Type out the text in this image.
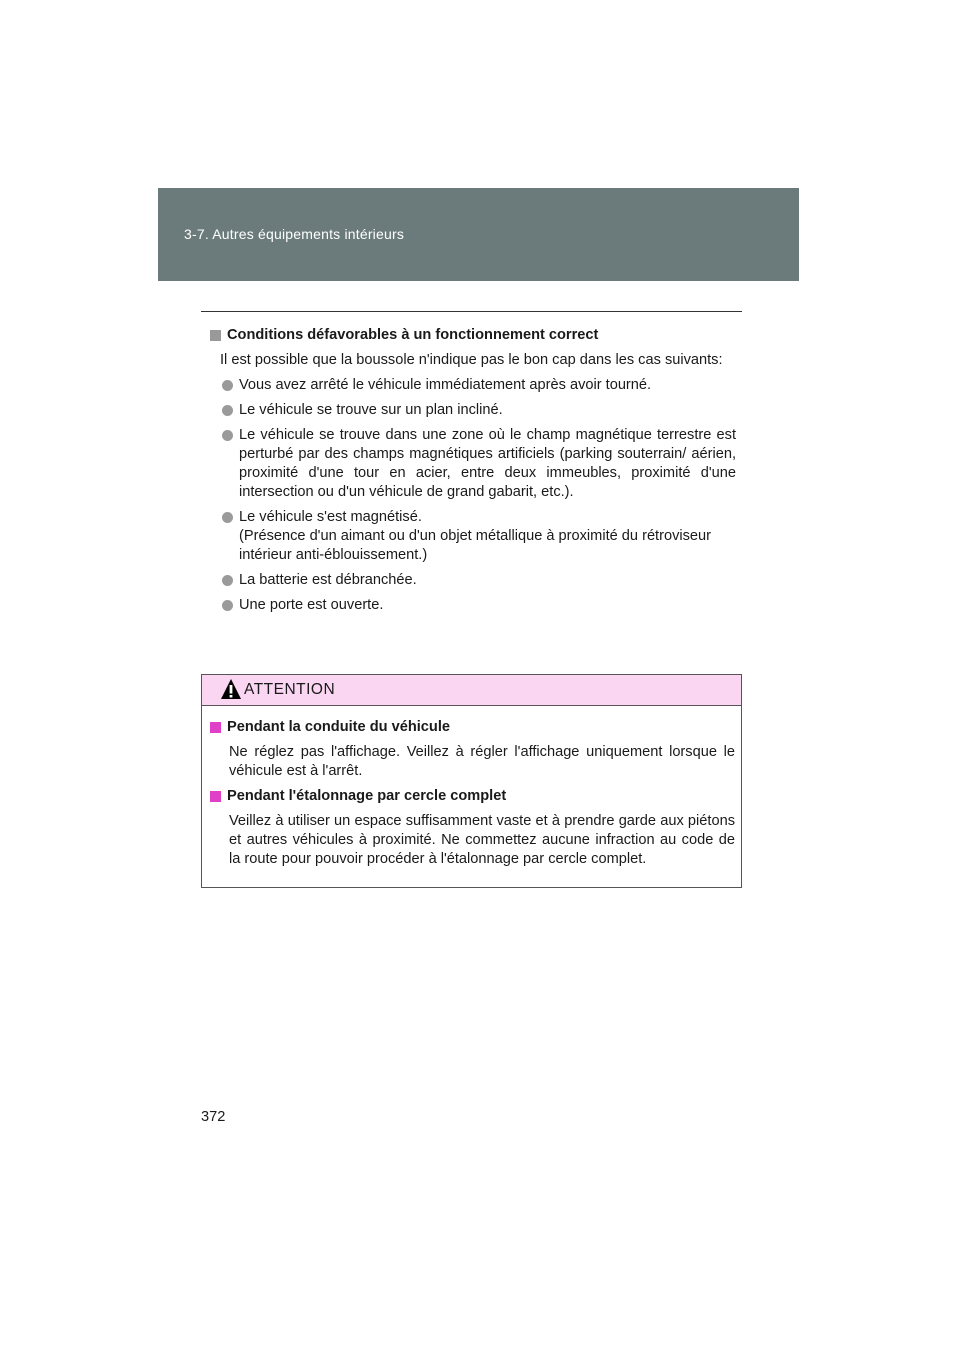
3-7. Autres équipements intérieurs
Conditions défavorables à un fonctionnement correct
Il est possible que la boussole n'indique pas le bon cap dans les cas suivants:
Vous avez arrêté le véhicule immédiatement après avoir tourné.
Le véhicule se trouve sur un plan incliné.
Le véhicule se trouve dans une zone où le champ magnétique terrestre est perturbé par des champs magnétiques artificiels (parking souterrain/ aérien, proximité d'une tour en acier, entre deux immeubles, proximité d'une intersection ou d'un véhicule de grand gabarit, etc.).
Le véhicule s'est magnétisé.
(Présence d'un aimant ou d'un objet métallique à proximité du rétroviseur intérieur anti-éblouissement.)
La batterie est débranchée.
Une porte est ouverte.
ATTENTION
Pendant la conduite du véhicule
Ne réglez pas l'affichage. Veillez à régler l'affichage uniquement lorsque le véhicule est à l'arrêt.
Pendant l'étalonnage par cercle complet
Veillez à utiliser un espace suffisamment vaste et à prendre garde aux piétons et autres véhicules à proximité. Ne commettez aucune infraction au code de la route pour pouvoir procéder à l'étalonnage par cercle complet.
372
